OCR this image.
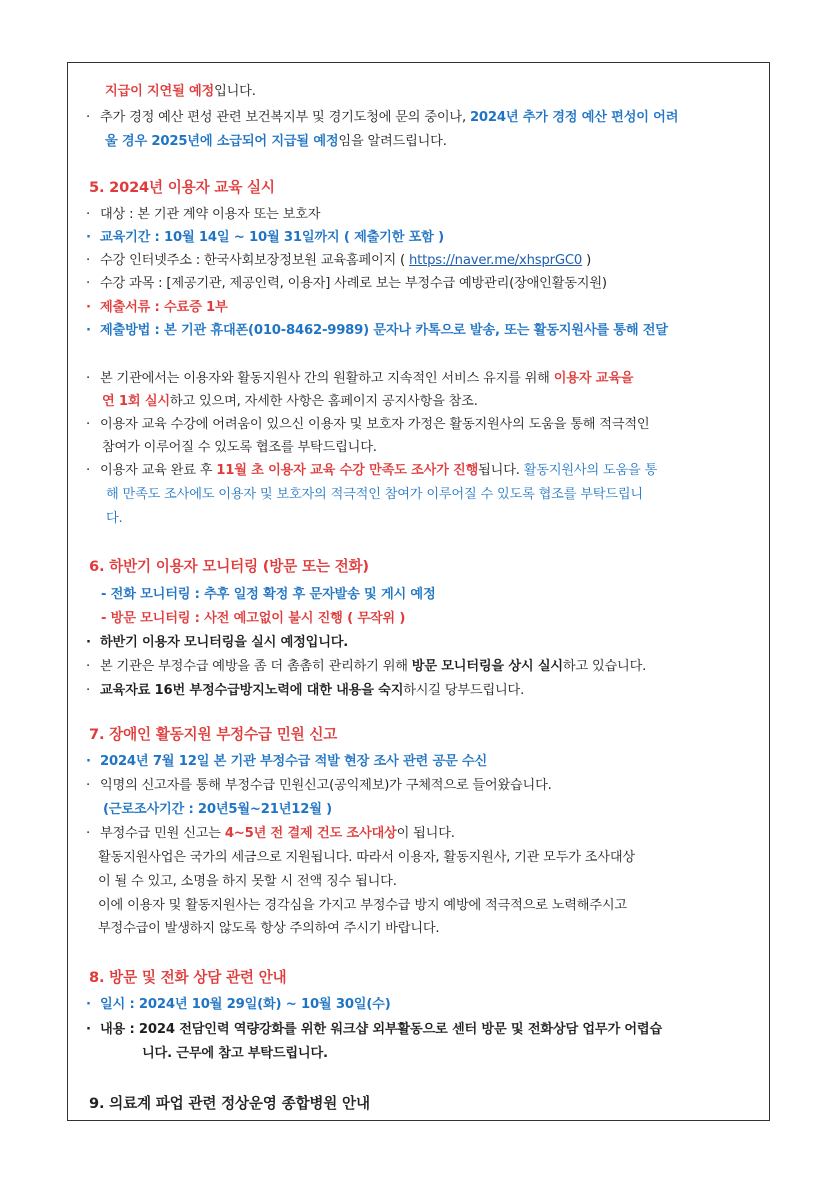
지급이 지연될 예정입니다.
· 추가 경정 예산 편성 관련 보건복지부 및 경기도청에 문의 중이나, 2024년 추가 경정 예산 편성이 어려
울 경우 2025년에 소급되어 지급될 예정임을 알려드립니다.
5. 2024년 이용자 교육 실시
· 대상 : 본 기관 계약 이용자 또는 보호자
· 교육기간 : 10월 14일 ~ 10월 31일까지 ( 제출기한 포함 )
· 수강 인터넷주소 : 한국사회보장정보원 교육홈페이지 ( https://naver.me/xhsprGC0 )
· 수강 과목 : [제공기관, 제공인력, 이용자] 사례로 보는 부정수급 예방관리(장애인활동지원)
· 제출서류 : 수료증 1부
· 제출방법 : 본 기관 휴대폰(010-8462-9989) 문자나 카톡으로 발송, 또는 활동지원사를 통해 전달
· 본 기관에서는 이용자와 활동지원사 간의 원활하고 지속적인 서비스 유지를 위해 이용자 교육을
연 1회 실시하고 있으며, 자세한 사항은 홈페이지 공지사항을 참조.
· 이용자 교육 수강에 어려움이 있으신 이용자 및 보호자 가정은 활동지원사의 도움을 통해 적극적인
참여가 이루어질 수 있도록 협조를 부탁드립니다.
· 이용자 교육 완료 후 11월 초 이용자 교육 수강 만족도 조사가 진행됩니다. 활동지원사의 도움을 통
해 만족도 조사에도 이용자 및 보호자의 적극적인 참여가 이루어질 수 있도록 협조를 부탁드립니
다.
6. 하반기 이용자 모니터링 (방문 또는 전화)
- 전화 모니터링 : 추후 일정 확정 후 문자발송 및 게시 예정
- 방문 모니터링 : 사전 예고없이 불시 진행 ( 무작위 )
· 하반기 이용자 모니터링을 실시 예정입니다.
· 본 기관은 부정수급 예방을 좀 더 촘촘히 관리하기 위해 방문 모니터링을 상시 실시하고 있습니다.
· 교육자료 16번 부정수급방지노력에 대한 내용을 숙지하시길 당부드립니다.
7. 장애인 활동지원 부정수급 민원 신고
· 2024년 7월 12일 본 기관 부정수급 적발 현장 조사 관련 공문 수신
· 익명의 신고자를 통해 부정수급 민원신고(공익제보)가 구체적으로 들어왔습니다.
(근로조사기간 : 20년5월~21년12월 )
· 부정수급 민원 신고는 4~5년 전 결제 건도 조사대상이 됩니다.
활동지원사업은 국가의 세금으로 지원됩니다. 따라서 이용자, 활동지원사, 기관 모두가 조사대상
이 될 수 있고, 소명을 하지 못할 시 전액 징수 됩니다.
이에 이용자 및 활동지원사는 경각심을 가지고 부정수급 방지 예방에 적극적으로 노력해주시고
부정수급이 발생하지 않도록 항상 주의하여 주시기 바랍니다.
8. 방문 및 전화 상담 관련 안내
· 일시 : 2024년 10월 29일(화) ~ 10월 30일(수)
· 내용 : 2024 전담인력 역량강화를 위한 워크샵 외부활동으로 센터 방문 및 전화상담 업무가 어렵습
니다. 근무에 참고 부탁드립니다.
9. 의료계 파업 관련 정상운영 종합병원 안내
